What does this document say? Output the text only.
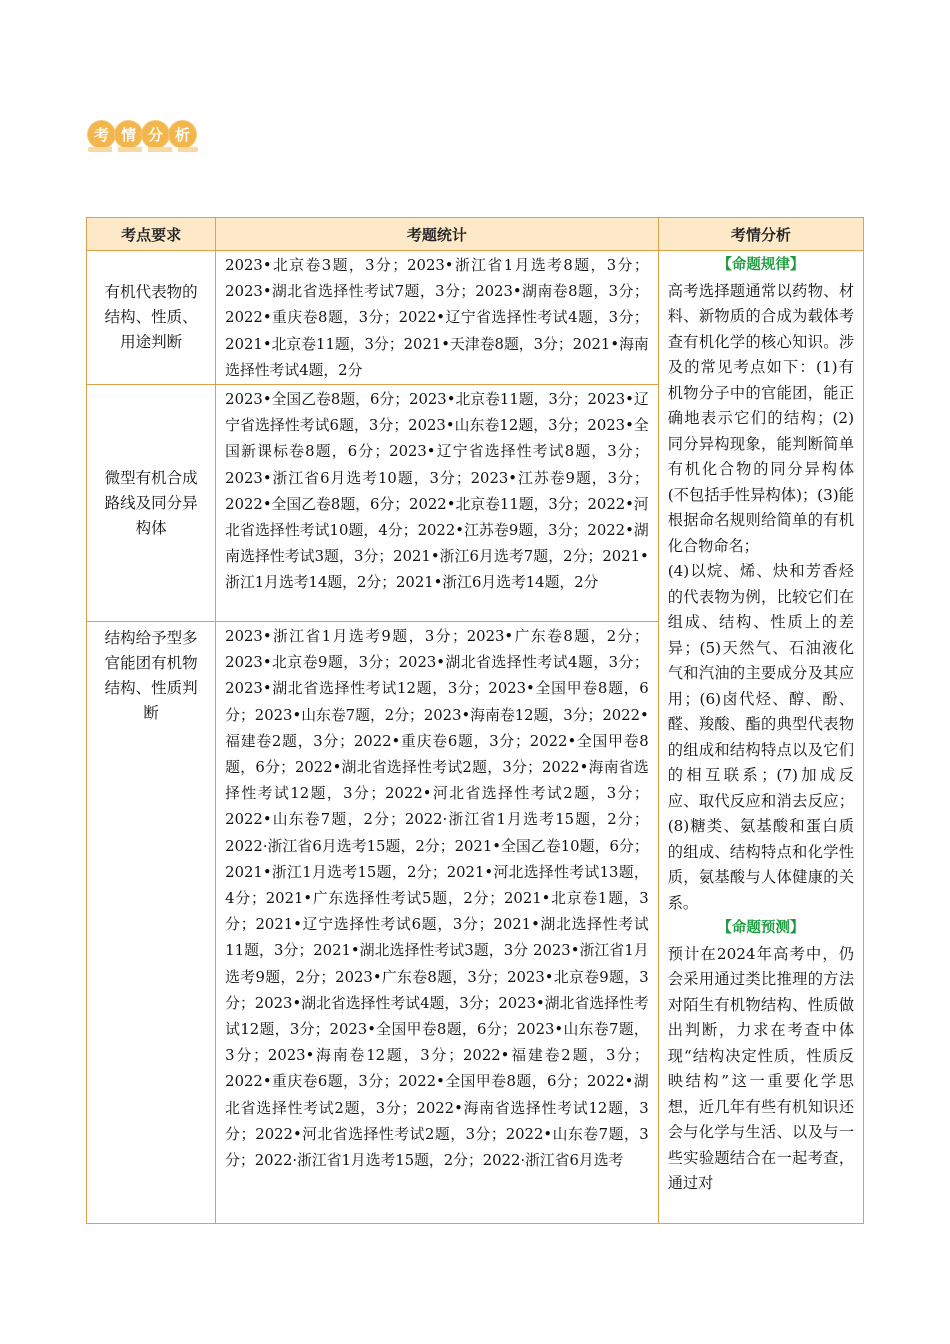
考 情 分 析
考点要求	考题统计	考情分析
有机代表物的结构、性质、用途判断	2023•北京卷3题，3分；2023•浙江省1月选考8题，3分；2023•湖北省选择性考试7题，3分；2023•湖南卷8题，3分；2022•重庆卷8题，3分；2022•辽宁省选择性考试4题，3分；2021•北京卷11题，3分；2021•天津卷8题，3分；2021•海南选择性考试4题，2分	【命题规律】
高考选择题通常以药物、材料、新物质的合成为载体考查有机化学的核心知识。涉及的常见考点如下：(1)有机物分子中的官能团，能正确地表示它们的结构；(2)同分异构现象，能判断简单有机化合物的同分异构体(不包括手性异构体)；(3)能根据命名规则给简单的有机化合物命名；
(4)以烷、烯、炔和芳香烃的代表物为例，比较它们在组成、结构、性质上的差异；(5)天然气、石油液化气和汽油的主要成分及其应用；(6)卤代烃、醇、酚、醛、羧酸、酯的典型代表物的组成和结构特点以及它们的相互联系；(7)加成反应、取代反应和消去反应；(8)糖类、氨基酸和蛋白质的组成、结构特点和化学性质，氨基酸与人体健康的关系。
【命题预测】
预计在2024年高考中，仍会采用通过类比推理的方法对陌生有机物结构、性质做出判断，力求在考查中体现“结构决定性质，性质反映结构”这一重要化学思想，近几年有些有机知识还会与化学与生活、以及与一些实验题结合在一起考查，通过对

微型有机合成路线及同分异构体	2023•全国乙卷8题，6分；2023•北京卷11题，3分；2023•辽宁省选择性考试6题，3分；2023•山东卷12题，3分；2023•全国新课标卷8题，6分；2023•辽宁省选择性考试8题，3分；2023•浙江省6月选考10题，3分；2023•江苏卷9题，3分；2022•全国乙卷8题，6分；2022•北京卷11题，3分；2022•河北省选择性考试10题，4分；2022•江苏卷9题，3分；2022•湖南选择性考试3题，3分；2021•浙江6月选考7题，2分；2021•浙江1月选考14题，2分；2021•浙江6月选考14题，2分	
结构给予型多官能团有机物结构、性质判断	2023•浙江省1月选考9题，3分；2023•广东卷8题，2分；2023•北京卷9题，3分；2023•湖北省选择性考试4题，3分；2023•湖北省选择性考试12题，3分；2023•全国甲卷8题，6分；2023•山东卷7题，2分；2023•海南卷12题，3分；2022•福建卷2题，3分；2022•重庆卷6题，3分；2022•全国甲卷8题，6分；2022•湖北省选择性考试2题，3分；2022•海南省选择性考试12题，3分；2022•河北省选择性考试2题，3分；2022•山东卷7题，2分；2022·浙江省1月选考15题，2分；2022·浙江省6月选考15题，2分；2021•全国乙卷10题，6分；2021•浙江1月选考15题，2分；2021•河北选择性考试13题，4分；2021•广东选择性考试5题，2分；2021•北京卷1题，3分；2021•辽宁选择性考试6题，3分；2021•湖北选择性考试11题，3分；2021•湖北选择性考试3题，3分 2023•浙江省1月选考9题，2分；2023•广东卷8题，3分；2023•北京卷9题，3分；2023•湖北省选择性考试4题，3分；2023•湖北省选择性考试12题，3分；2023•全国甲卷8题，6分；2023•山东卷7题，3分；2023•海南卷12题，3分；2022•福建卷2题，3分；2022•重庆卷6题，3分；2022•全国甲卷8题，6分；2022•湖北省选择性考试2题，3分；2022•海南省选择性考试12题，3分；2022•河北省选择性考试2题，3分；2022•山东卷7题，3分；2022·浙江省1月选考15题，2分；2022·浙江省6月选考	
